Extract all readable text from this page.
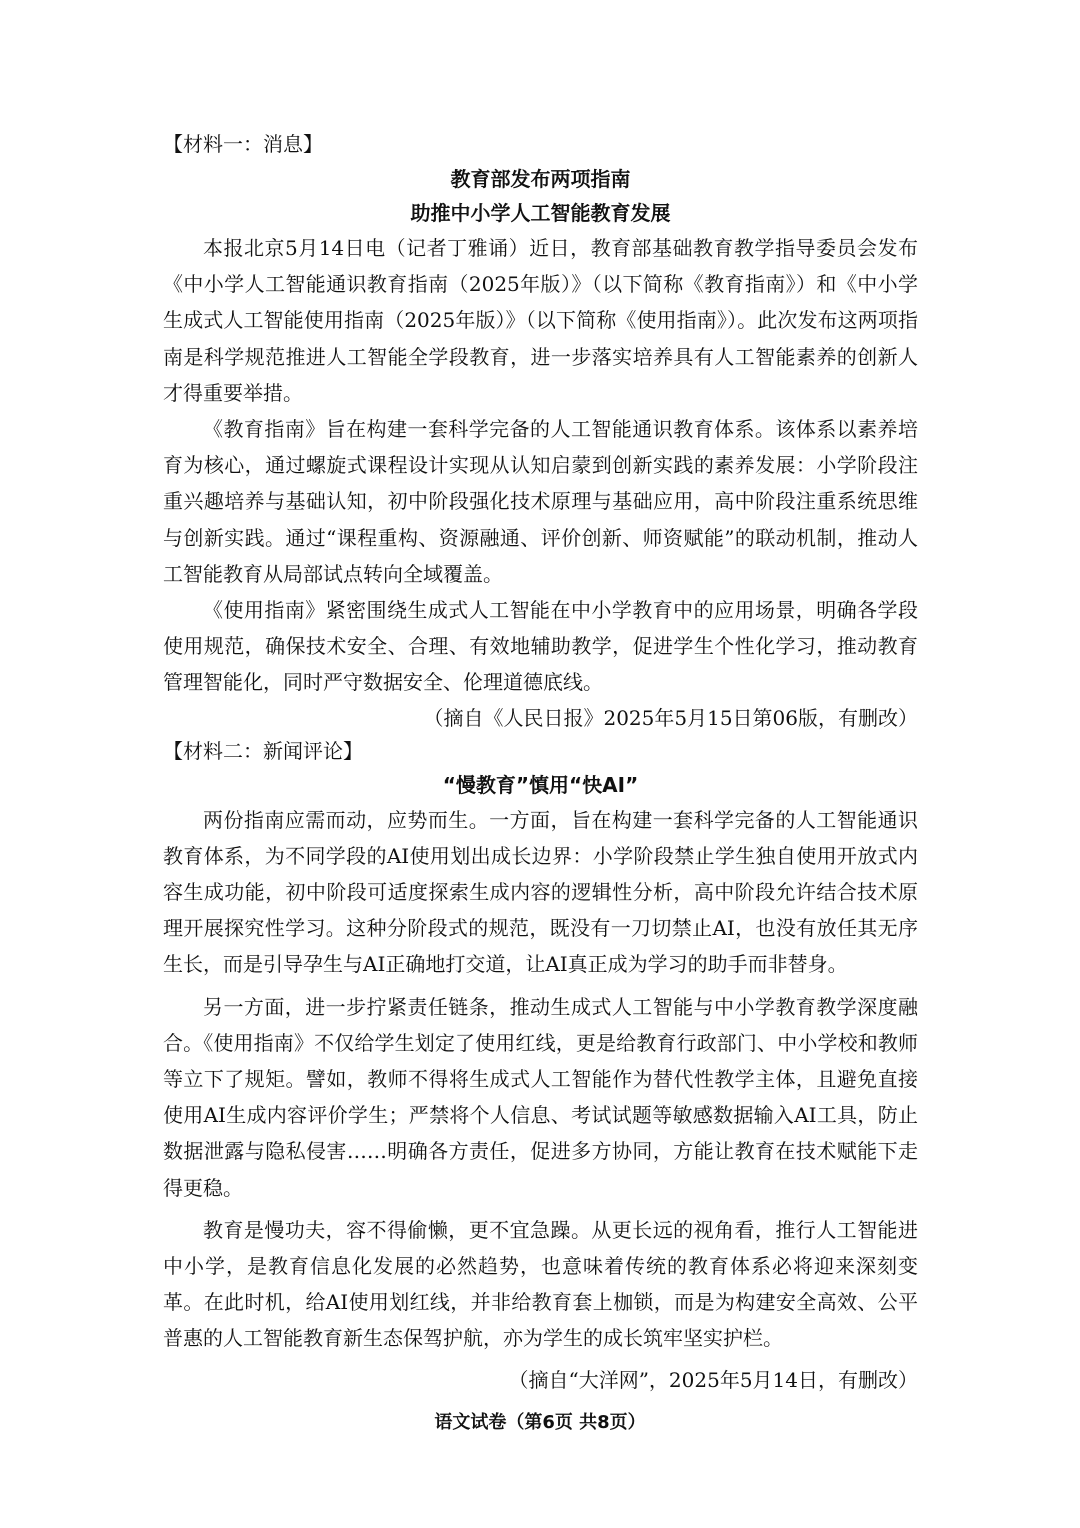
【材料一：消息】
教育部发布两项指南
助推中小学人工智能教育发展

本报北京5月14日电（记者丁雅诵）近日，教育部基础教育教学指导委员会发布《中小学人工智能通识教育指南（2025年版）》（以下简称《教育指南》）和《中小学生成式人工智能使用指南（2025年版）》（以下简称《使用指南》）。此次发布这两项指南是科学规范推进人工智能全学段教育，进一步落实培养具有人工智能素养的创新人才得重要举措。

《教育指南》旨在构建一套科学完备的人工智能通识教育体系。该体系以素养培育为核心，通过螺旋式课程设计实现从认知启蒙到创新实践的素养发展：小学阶段注重兴趣培养与基础认知，初中阶段强化技术原理与基础应用，高中阶段注重系统思维与创新实践。通过“课程重构、资源融通、评价创新、师资赋能”的联动机制，推动人工智能教育从局部试点转向全域覆盖。

《使用指南》紧密围绕生成式人工智能在中小学教育中的应用场景，明确各学段使用规范，确保技术安全、合理、有效地辅助教学，促进学生个性化学习，推动教育管理智能化，同时严守数据安全、伦理道德底线。

（摘自《人民日报》2025年5月15日第06版，有删改）
【材料二：新闻评论】
“慢教育”慎用“快AI”

两份指南应需而动，应势而生。一方面，旨在构建一套科学完备的人工智能通识教育体系，为不同学段的AI使用划出成长边界：小学阶段禁止学生独自使用开放式内容生成功能，初中阶段可适度探索生成内容的逻辑性分析，高中阶段允许结合技术原理开展探究性学习。这种分阶段式的规范，既没有一刀切禁止AI，也没有放任其无序生长，而是引导孕生与AI正确地打交道，让AI真正成为学习的助手而非替身。

另一方面，进一步拧紧责任链条，推动生成式人工智能与中小学教育教学深度融合。《使用指南》不仅给学生划定了使用红线，更是给教育行政部门、中小学校和教师等立下了规矩。譬如，教师不得将生成式人工智能作为替代性教学主体，且避免直接使用AI生成内容评价学生；严禁将个人信息、考试试题等敏感数据输入AI工具，防止数据泄露与隐私侵害……明确各方责任，促进多方协同，方能让教育在技术赋能下走得更稳。

教育是慢功夫，容不得偷懒，更不宜急躁。从更长远的视角看，推行人工智能进中小学，是教育信息化发展的必然趋势，也意味着传统的教育体系必将迎来深刻变革。在此时机，给AI使用划红线，并非给教育套上枷锁，而是为构建安全高效、公平普惠的人工智能教育新生态保驾护航，亦为学生的成长筑牢坚实护栏。

（摘自“大洋网”，2025年5月14日，有删改）
语文试卷（第6页 共8页）
